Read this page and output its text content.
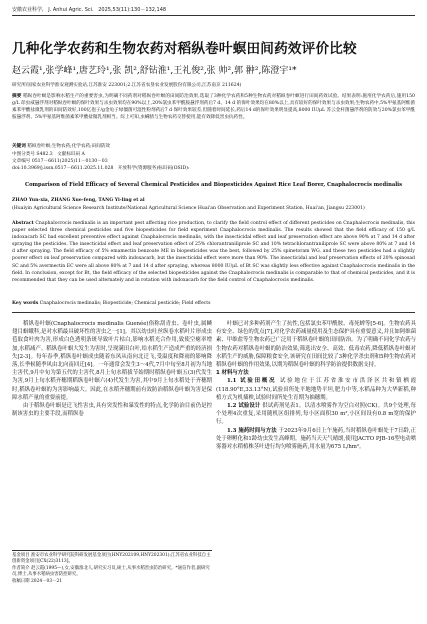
安徽农业科学, J. Anhui Agric. Sci. 2025,53(11):130－132,148
几种化学农药和生物农药对稻纵卷叶螟田间药效评价比较
赵云霞¹,张学峰¹,唐艺玲¹,张 凯²,舒钻淮¹,王礼俊²,张 帅²,郭 翀²,陈澄宇¹*
研究所/国家农业科学淮安观测实验站,江苏淮安 223001;2.江苏省农垦农业发展股份有限公司,江苏南京 211624)
摘要 稻纵卷叶螟是影响水稻生产的重要害虫,为明确不同药剂对稻纵卷叶螟的田间防治效果,选取了3种化学农药和5种生物农药对稻纵卷叶螟进行田间药效试验。结果表明:施用化学农药后,施用150 g/L 茚虫威悬浮剂对稻纵卷叶螟的保叶效果与杀虫效果均在90%以上,20%氯虫苯甲酰胺悬浮剂药后7 d、14 d 的保叶效果均在80%以上,具有较好的保叶效果与杀虫效果;生物农药中,5%甲氨基阿维菌素苯甲酸盐微乳剂的田间防效好,100亿孢子/g金龟子绿僵菌可湿性粉剂药后7 d 保叶效果较差,但随着时间延长,药后14 d的保叶效果明显提高,8000 IU/μL 苏云金杆菌悬浮剂的防效与20%氯虫苯甲酰胺悬浮剂、5%甲氨基阿维菌素苯甲酸盐微乳剂相当。综上可知,虫螨腈与生物农药交替使用,能有效降低害虫抗药性。
关键词 稻纵卷叶螟;生物农药;化学农药;田间防效
中图分类号 S482.3 文献标识码 A
文章编号 0517－6611(2025)11－0130－03
doi:10.3969/j.issn.0517－6611.2025.11.028 开放科学(资源服务)标识码(OSID):
Comparison of Field Efficacy of Several Chemical Pesticides and Biopesticides Against Rice Leaf Borer, Cnaphalocrocis medinalis
ZHAO Yun-xia, ZHANG Xue-feng, TANG Yi-ling et al
(Huaiyin Agricultural Science Research Institute/National Agricultural Science Huai'an Observation and Experiment Station, Huai'an, Jiangsu 223001)
Abstract Cnaphalocrocis medinalis is an important pest affecting rice production, to clarify the field control effect of different pesticides on Cnaphalocrocis medinalis, this paper selected three chemical pesticides and five biopesticides for field experiment Cnaphalocrocis medinalis. The results showed that the field efficacy of 150 g/L indoxacarb SC had excellent preventive effect against Cnaphalocrocis medinalis, with the insecticidal effect and leaf preservation effect are above 90% at 7 and 14 d after spraying the pesticides. The insecticidal effect and leaf preservation effect of 25% chlorantraniliprole SC and 10% tetrachlorantraniliprole SC were above 80% at 7 and 14 d after spraying. The field efficacy of 5% emamectin benzoate ME in biopesticides was the best, followed by 25% spinetoram WG, and these two pesticides had a slightly poorer effect on leaf preservation compared with indoxacarb, but the insecticidal effect were more than 90%. The insecticidal and leaf preservation effects of 20% spinosad SC and 5% avermectin EC were all above 80% at 7 and 14 d after spraying, whereas 8000 IU/μL of Bt SC was slightly less effective against Cnaphalocrocis medinalis in the field. In conclusion, except for Bt, the field efficacy of the selected biopesticides against the Cnaphalocrocis medinalis is comparable to that of chemical pesticides, and it is recommended that they can be used alternately and in rotation with indoxacarb for the field control of Cnaphalocrocis medinalis.
Key words Cnaphalocrocis medinalis; Biopesticide; Chemical pesticide; Field effects

稻纵卷叶螟(Cnaphalocrocis medinalis Guenée)俗称刮青虫、卷叶虫,属鳞翅目螟蛾科,是对水稻最具破坏性的害虫之一[1]。其以幼虫吐丝纵卷水稻叶片形成虫苞取食叶肉为害,形成白色透明条斑导致叶片枯白,影响水稻光合作用,致使空瘪率增加,水稻减产。稻纵卷叶螟大发生为害时,呈现满田白叶,给水稻生产造成严重的经济损失[2-3]。每年春季,稻纵卷叶螟成虫随着东风从南向北迁飞,受温度和降雨的影响降落,长季候随季风由北向南回迁[4]。一年通常会发生3～4代,7月中旬至8月初为当地主害代,9月中旬为第五代的主害代,8月上旬水稻拔节始期时稻纵卷叶螟五(3)代发生为害,9月上旬水稻齐穗期稻纵卷叶螟六(4)代发生为害,其中9月上旬水稻处于齐穗期时,稻纵卷叶螟的为害影响最大。因此,在水稻齐穗期前有效防治稻纵卷叶螟为害是保障水稻产量的重要前提。

由于稻纵卷叶螟是迁飞性害虫,具有突发性和暴发性的特点,化学防治目前仍是控制该害虫的主要手段,而稻纵卷

叶螟已对多种药剂产生了抗性,包括氯虫苯甲酰胺、毒死蜱等[5-6]。生物农药具有安全、绿色的优点[7],对化学农药减量使用及生态保护具有重要意义,并且如阿维菌素、甲维盐等生物农药已广泛用于稻纵卷叶螟的田间防治。为了明确不同化学农药与生物农药对稻纵卷叶螟的防治效果,筛选出安全、高效、低毒农药,降低稻纵卷叶螟对水稻生产的威胁,保障粮食安全,该研究在田间比较了3种化学杀虫剂和5种生物农药对稻纵卷叶螟的作用效果,以期为稻纵卷叶螟的科学防治提供数据支持。

1 材料与方法

1.1 试验田概况 试验地位于江苏省淮安市洪泽区共和镇栖霞(118.90°E,33.13°N),试验田所处平地地势平坦,肥力中等,水稻品种为大华新稻,种植方式为机插秧,试验时间所处生育期为抽穗期。

1.2 试验设计 供试药剂见表1。以清水喷雾作为空白对照(CK)。共9个处理,每个处理4次重复,采用随机区组排列,每小区面积30 m²,小区间设有0.8 m宽的保护行。

1.3 施药时间与方法 于2023年9月6日上午施药,当时稻纵卷叶螟处于7日龄,正处于卵孵化和1龄幼虫发生高峰期。施药当天天气晴朗,使用JACTO PJB-16型电动喷雾器对水稻植株茎叶进行均匀喷雾施药,用水量为675 L/hm²。

基金项目 淮安市农业科学研究院科研发展基金项目(HNY202109,HNY202301);江苏省农业科技自主创新资金项目[CX(22)3113]。

作者简介 赵云霞(1995—),女,安徽淮北人,研究实习员,硕士,从事水稻害虫防治研究。*通信作者,副研究员,博士,从事水稻病虫害防控研究。

收稿日期 2024－03－21
